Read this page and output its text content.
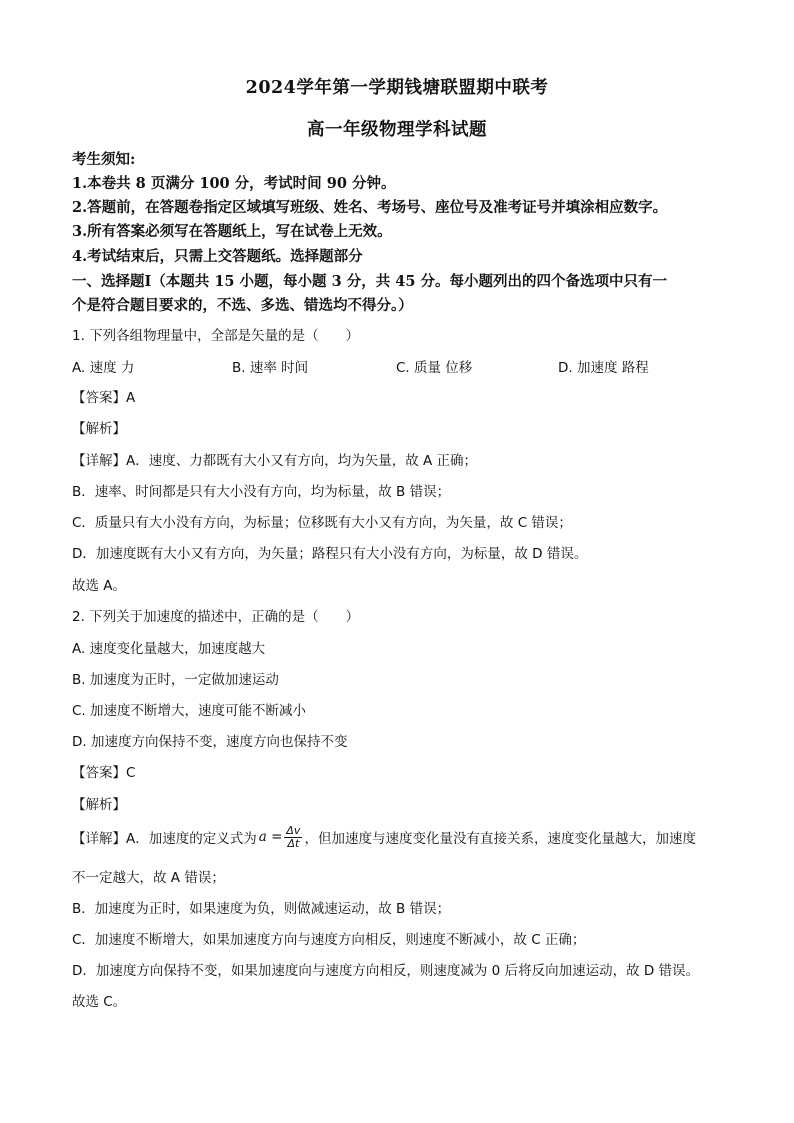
2024学年第一学期钱塘联盟期中联考
高一年级物理学科试题
考生须知:
1.本卷共 8 页满分 100 分，考试时间 90 分钟。
2.答题前，在答题卷指定区域填写班级、姓名、考场号、座位号及准考证号并填涂相应数字。
3.所有答案必须写在答题纸上，写在试卷上无效。
4.考试结束后，只需上交答题纸。选择题部分
一、选择题Ⅰ（本题共 15 小题，每小题 3 分，共 45 分。每小题列出的四个备选项中只有一
个是符合题目要求的，不选、多选、错选均不得分。）
1. 下列各组物理量中，全部是矢量的是（　　）
A. 速度 力	B. 速率 时间	C. 质量 位移	D. 加速度 路程
【答案】A
【解析】
【详解】A．速度、力都既有大小又有方向，均为矢量，故 A 正确；
B．速率、时间都是只有大小没有方向，均为标量，故 B 错误；
C．质量只有大小没有方向，为标量；位移既有大小又有方向，为矢量，故 C 错误；
D．加速度既有大小又有方向，为矢量；路程只有大小没有方向，为标量，故 D 错误。
故选 A。
2. 下列关于加速度的描述中，正确的是（　　）
A. 速度变化量越大，加速度越大
B. 加速度为正时，一定做加速运动
C. 加速度不断增大，速度可能不断减小
D. 加速度方向保持不变，速度方向也保持不变
【答案】C
【解析】
【详解】A．加速度的定义式为 $a = \frac{\Delta v}{\Delta t}$ ，但加速度与速度变化量没有直接关系，速度变化量越大，加速度
不一定越大，故 A 错误；
B．加速度为正时，如果速度为负，则做减速运动，故 B 错误；
C．加速度不断增大，如果加速度方向与速度方向相反，则速度不断减小，故 C 正确；
D．加速度方向保持不变，如果加速度向与速度方向相反，则速度减为 0 后将反向加速运动，故 D 错误。
故选 C。
